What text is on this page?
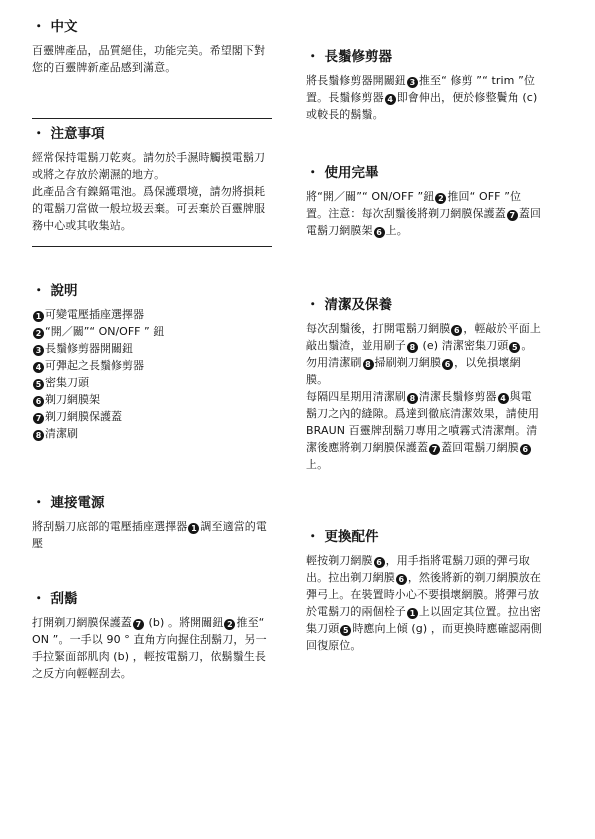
・ 中文

百靈牌產品，品質絕佳，功能完美。希望閣下對您的百靈牌新產品感到滿意。

・ 注意事項

經常保持電鬍刀乾爽。請勿於手濕時觸摸電鬍刀或將之存放於潮濕的地方。

此產品含有鎳鎘電池。爲保護環境，請勿將損耗的電鬍刀當做一般垃圾丟棄。可丟棄於百靈牌服務中心或其收集站。

・ 說明
1 可變電壓插座選擇器
2 “開／關”“ ON/OFF ” 鈕
3 長鬚修剪器開關鈕
4 可彈起之長鬚修剪器
5 密集刀頭
6 剃刀網膜架
7 剃刀網膜保護蓋
8 清潔刷
・ 連接電源

將刮鬍刀底部的電壓插座選擇器 1 調至適當的電壓

・ 刮鬍

打開剃刀網膜保護蓋 7 (b) 。將開關鈕 2 推至“ ON ”。一手以 90 ° 直角方向握住刮鬍刀，另一手拉緊面部肌肉 (b) ，輕按電鬍刀，依鬍鬚生長之反方向輕輕刮去。

・ 長鬚修剪器

將長鬚修剪器開關鈕 3 推至“ 修剪 ”“ trim ”位置。長鬚修剪器 4 即會伸出，便於修整鬢角 (c) 或較長的鬍鬚。

・ 使用完畢

將“開／關”“ ON/OFF ”鈕 2 推回“ OFF ”位置。注意：每次刮鬚後將剃刀網膜保護蓋 7 蓋回電鬍刀網膜架 6 上。

・ 清潔及保養

每次刮鬚後，打開電鬍刀網膜 6 ，輕敲於平面上敲出鬚渣，並用刷子 8 (e) 清潔密集刀頭 5 。勿用清潔刷 8 掃刷剃刀網膜 6 ，以免損壞網膜。

每隔四星期用清潔刷 8 清潔長鬚修剪器 4 與電鬍刀之內的縫隙。爲達到徹底清潔效果，請使用 BRAUN 百靈牌刮鬍刀專用之噴霧式清潔劑。清潔後應將剃刀網膜保護蓋 7 蓋回電鬍刀網膜 6上。

・ 更換配件

輕按剃刀網膜 6 ，用手指將電鬍刀頭的彈弓取出。拉出剃刀網膜 6 ，然後將新的剃刀網膜放在彈弓上。在裝置時小心不要損壞網膜。將彈弓放於電鬍刀的兩個栓子 1 上以固定其位置。拉出密集刀頭 5 時應向上傾 (g) ，而更換時應確認兩側回復原位。
